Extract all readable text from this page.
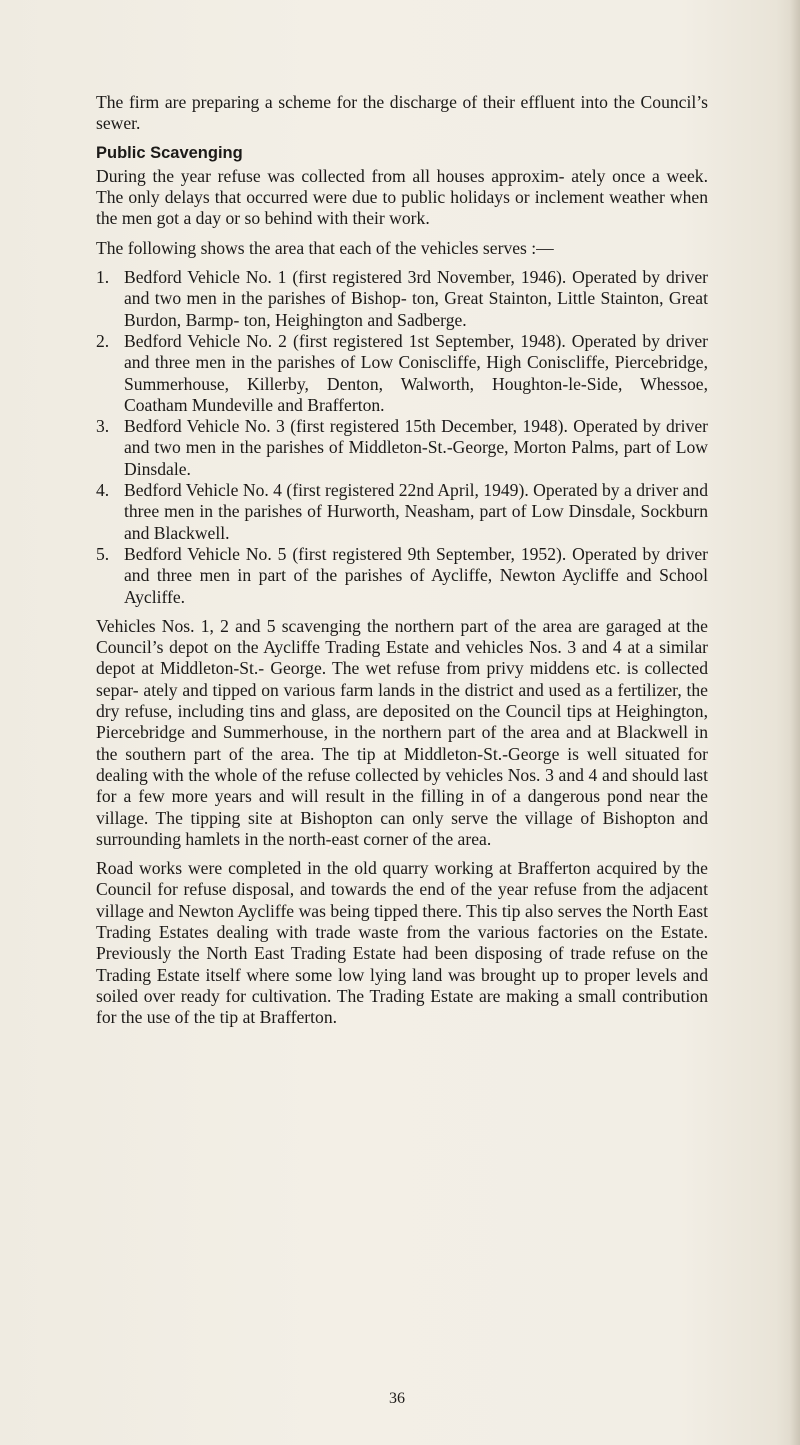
The firm are preparing a scheme for the discharge of their effluent into the Council’s sewer.

Public Scavenging

During the year refuse was collected from all houses approxim- ately once a week. The only delays that occurred were due to public holidays or inclement weather when the men got a day or so behind with their work.

The following shows the area that each of the vehicles serves :—

1. Bedford Vehicle No. 1 (first registered 3rd November, 1946). Operated by driver and two men in the parishes of Bishop- ton, Great Stainton, Little Stainton, Great Burdon, Barmp- ton, Heighington and Sadberge.
2. Bedford Vehicle No. 2 (first registered 1st September, 1948). Operated by driver and three men in the parishes of Low Coniscliffe, High Coniscliffe, Piercebridge, Summerhouse, Killerby, Denton, Walworth, Houghton-le-Side, Whessoe, Coatham Mundeville and Brafferton.
3. Bedford Vehicle No. 3 (first registered 15th December, 1948). Operated by driver and two men in the parishes of Middleton-St.-George, Morton Palms, part of Low Dinsdale.
4. Bedford Vehicle No. 4 (first registered 22nd April, 1949). Operated by a driver and three men in the parishes of Hurworth, Neasham, part of Low Dinsdale, Sockburn and Blackwell.
5. Bedford Vehicle No. 5 (first registered 9th September, 1952). Operated by driver and three men in part of the parishes of Aycliffe, Newton Aycliffe and School Aycliffe.

Vehicles Nos. 1, 2 and 5 scavenging the northern part of the area are garaged at the Council’s depot on the Aycliffe Trading Estate and vehicles Nos. 3 and 4 at a similar depot at Middleton-St.- George. The wet refuse from privy middens etc. is collected separ- ately and tipped on various farm lands in the district and used as a fertilizer, the dry refuse, including tins and glass, are deposited on the Council tips at Heighington, Piercebridge and Summerhouse, in the northern part of the area and at Blackwell in the southern part of the area. The tip at Middleton-St.-George is well situated for dealing with the whole of the refuse collected by vehicles Nos. 3 and 4 and should last for a few more years and will result in the filling in of a dangerous pond near the village. The tipping site at Bishopton can only serve the village of Bishopton and surrounding hamlets in the north-east corner of the area.

Road works were completed in the old quarry working at Brafferton acquired by the Council for refuse disposal, and towards the end of the year refuse from the adjacent village and Newton Aycliffe was being tipped there. This tip also serves the North East Trading Estates dealing with trade waste from the various factories on the Estate. Previously the North East Trading Estate had been disposing of trade refuse on the Trading Estate itself where some low lying land was brought up to proper levels and soiled over ready for cultivation. The Trading Estate are making a small contribution for the use of the tip at Brafferton.

36
